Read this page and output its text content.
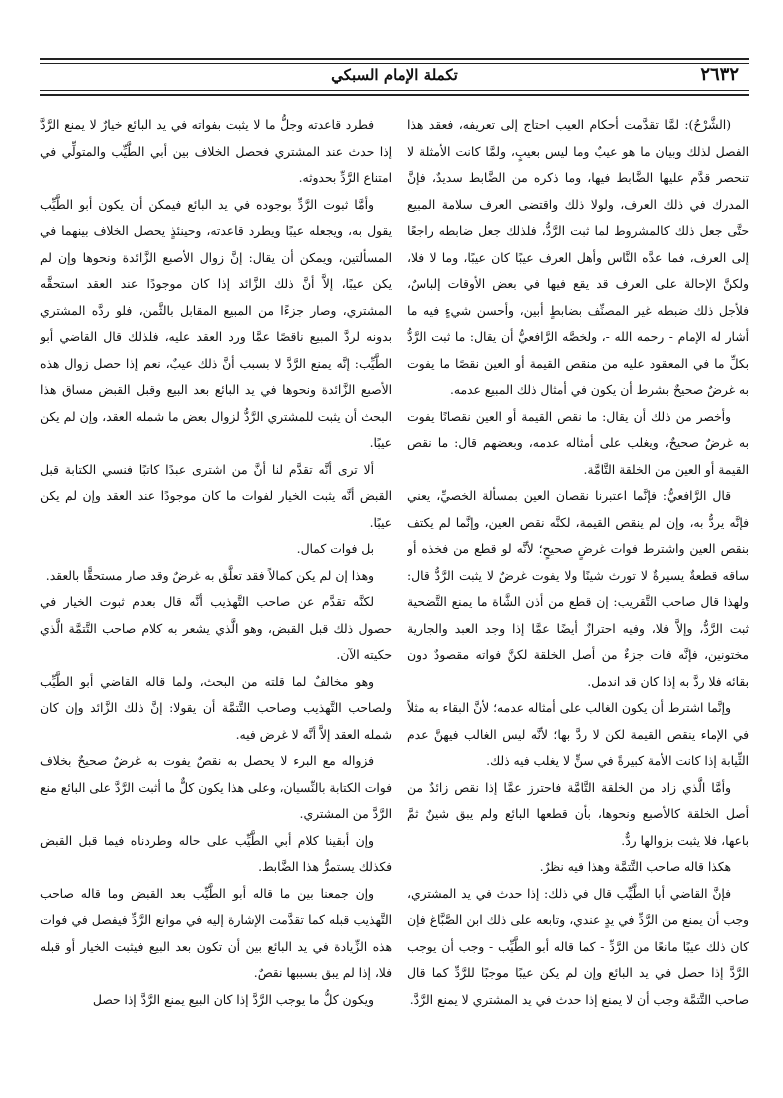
٢٦٣٢
تكملة الإمام السبكي

(الشَّرْحُ): لمَّا تقدَّمت أحكام العيب احتاج إلى تعريفه، فعقد هذا الفصل لذلك وبيان ما هو عيبٌ وما ليس بعيبٍ، ولمَّا كانت الأمثلة لا تنحصر قدَّم عليها الضَّابط فيها، وما ذكره من الضَّابط سديدٌ، فإنَّ المدرك في ذلك العرف، ولولا ذلك واقتضى العرف سلامة المبيع حتَّى جعل ذلك كالمشروط لما ثبت الرَّدُّ، فلذلك جعل ضابطه راجعًا إلى العرف، فما عدَّه النَّاس وأهل العرف عيبًا كان عيبًا، وما لا فلا، ولكنَّ الإحالة على العرف قد يقع فيها في بعض الأوقات إلباسٌ، فلأجل ذلك ضبطه غير المصنِّف بضابطٍ أبين، وأحسن شيءٍ فيه ما أشار له الإمام - رحمه الله -، ولخصَّه الرَّافعيُّ أن يقال: ما ثبت الرَّدُّ بكلِّ ما في المعقود عليه من منقص القيمة أو العين نقصًا ما يفوت به غرضٌ صحيحٌ بشرط أن يكون في أمثال ذلك المبيع عدمه.

وأخصر من ذلك أن يقال: ما نقص القيمة أو العين نقصانًا يفوت به غرضٌ صحيحٌ، ويغلب على أمثاله عدمه، وبعضهم قال: ما نقص القيمة أو العين من الخلقة التَّامَّة.

قال الرَّافعيُّ: فإنَّما اعتبرنا نقصان العين بمسألة الخصيِّ، يعني فإنَّه يردُّ به، وإن لم ينقص القيمة، لكنَّه نقص العين، وإنَّما لم يكتف بنقص العين واشترط فوات غرضٍ صحيحٍ؛ لأنَّه لو قطع من فخذه أو ساقه قطعةٌ يسيرةٌ لا تورث شينًا ولا يفوت غرضٌ لا يثبت الرَّدُّ قال: ولهذا قال صاحب التَّقريب: إن قطع من أذن الشَّاة ما يمنع التَّضحية ثبت الرَّدُّ، وإلاَّ فلا، وفيه احترازٌ أيضًا عمَّا إذا وجد العبد والجارية مختونين، فإنَّه فات جزءٌ من أصل الخلقة لكنَّ فواته مقصودٌ دون بقائه فلا ردَّ به إذا كان قد اندمل.

وإنَّما اشترط أن يكون الغالب على أمثاله عدمه؛ لأنَّ البقاء به مثلاً في الإماء ينقص القيمة لكن لا ردَّ بها؛ لأنَّه ليس الغالب فيهنَّ عدم الثِّيابة إذا كانت الأمة كبيرةً في سنٍّ لا يغلب فيه ذلك.

وأمَّا الَّذي زاد من الخلقة التَّامَّة فاحترز عمَّا إذا نقص زائدٌ من أصل الخلقة كالأصبع ونحوها، بأن قطعها البائع ولم يبق شينٌ ثمَّ باعها، فلا يثبت بزوالها ردٌّ.

هكذا قاله صاحب التَّتمَّة وهذا فيه نظرٌ.

فإنَّ القاضي أبا الطَّيِّب قال في ذلك: إذا حدث في يد المشتري، وجب أن يمنع من الرَّدِّ في يدٍ عندي، وتابعه على ذلك ابن الصَّبَّاغ فإن كان ذلك عيبًا مانعًا من الرَّدِّ - كما قاله أبو الطَّيِّب - وجب أن يوجب الرَّدَّ إذا حصل في يد البائع وإن لم يكن عيبًا موجبًا للرَّدِّ كما قال صاحب التَّتمَّة وجب أن لا يمنع إذا حدث في يد المشتري لا يمنع الرَّدَّ.

فطرد قاعدته وجلُّ ما لا يثبت بفواته في يد البائع خيارٌ لا يمنع الرَّدَّ إذا حدث عند المشتري فحصل الخلاف بين أبي الطَّيِّب والمتولِّي في امتناع الرَّدِّ بحدوثه.

وأمَّا ثبوت الرَّدِّ بوجوده في يد البائع فيمكن أن يكون أبو الطَّيِّب يقول به، ويجعله عيبًا ويطرد قاعدته، وحينئذٍ يحصل الخلاف بينهما في المسألتين، ويمكن أن يقال: إنَّ زوال الأصبع الزَّائدة ونحوها وإن لم يكن عيبًا، إلاَّ أنَّ ذلك الزَّائد إذا كان موجودًا عند العقد استحقَّه المشتري، وصار جزءًا من المبيع المقابل بالثَّمن، فلو ردَّه المشتري بدونه لردَّ المبيع ناقصًا عمَّا ورد العقد عليه، فلذلك قال القاضي أبو الطَّيِّب: إنَّه يمنع الرَّدَّ لا بسبب أنَّ ذلك عيبٌ، نعم إذا حصل زوال هذه الأصبع الزَّائدة ونحوها في يد البائع بعد البيع وقبل القبض مساق هذا البحث أن يثبت للمشتري الرَّدُّ لزوال بعض ما شمله العقد، وإن لم يكن عيبًا.

ألا ترى أنَّه تقدَّم لنا أنَّ من اشترى عبدًا كاتبًا فنسي الكتابة قبل القبض أنَّه يثبت الخيار لفوات ما كان موجودًا عند العقد وإن لم يكن عيبًا.

بل فوات كمال.

وهذا إن لم يكن كمالاً فقد تعلَّق به غرضٌ وقد صار مستحقًّا بالعقد.

لكنَّه تقدَّم عن صاحب التَّهذيب أنَّه قال بعدم ثبوت الخيار في حصول ذلك قبل القبض، وهو الَّذي يشعر به كلام صاحب التَّتمَّة الَّذي حكيته الآن.

وهو مخالفٌ لما قلته من البحث، ولما قاله القاضي أبو الطَّيِّب ولصاحب التَّهذيب وصاحب التَّتمَّة أن يقولا: إنَّ ذلك الزَّائد وإن كان شمله العقد إلاَّ أنَّه لا غرض فيه.

فزواله مع البرء لا يحصل به نقصٌ يفوت به غرضٌ صحيحٌ بخلاف فوات الكتابة بالنِّسيان، وعلى هذا يكون كلٌّ ما أثبت الرَّدَّ على البائع منع الرَّدَّ من المشتري.

وإن أبقينا كلام أبي الطَّيِّب على حاله وطردناه فيما قبل القبض فكذلك يستمرُّ هذا الضَّابط.

وإن جمعنا بين ما قاله أبو الطَّيِّب بعد القبض وما قاله صاحب التَّهذيب قبله كما تقدَّمت الإشارة إليه في موانع الرَّدِّ فيفصل في فوات هذه الزِّيادة في يد البائع بين أن تكون بعد البيع فيثبت الخيار أو قبله فلا، إذا لم يبق بسببها نقصٌ.

ويكون كلُّ ما يوجب الرَّدَّ إذا كان البيع يمنع الرَّدَّ إذا حصل
